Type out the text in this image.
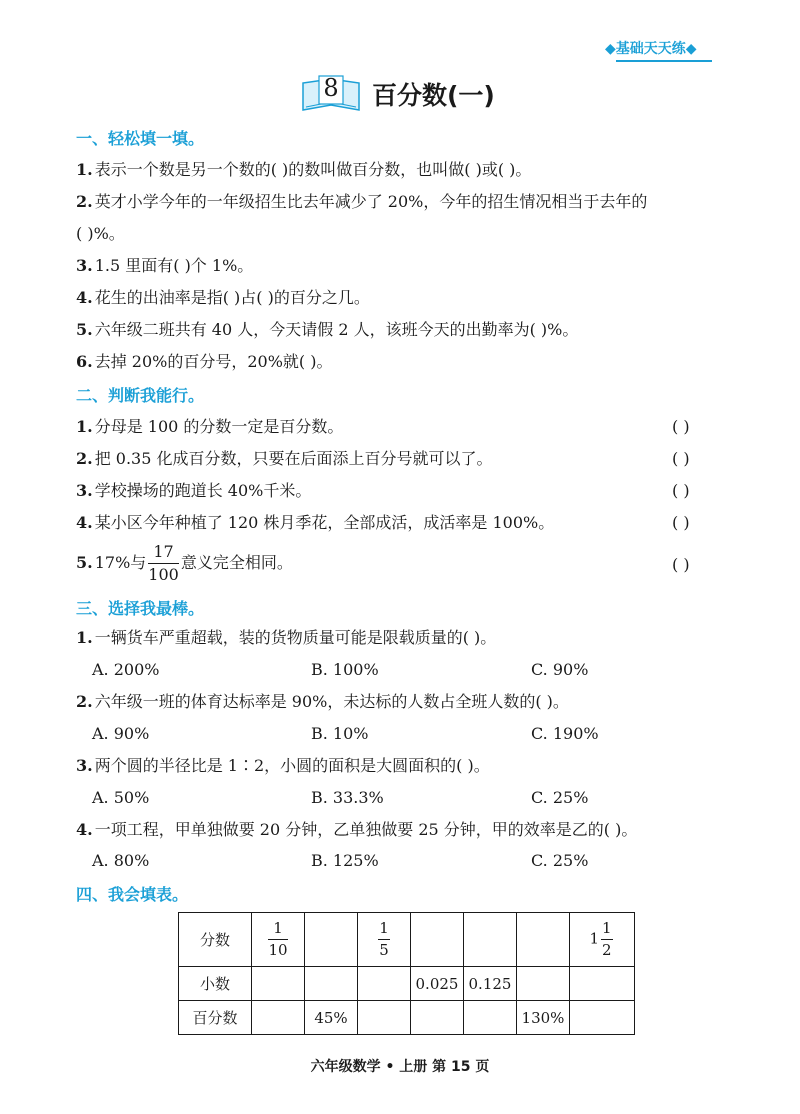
◆基础天天练◆
8 百分数(一)
一、轻松填一填。
1. 表示一个数是另一个数的( )的数叫做百分数，也叫做( )或( )。
2. 英才小学今年的一年级招生比去年减少了 20%，今年的招生情况相当于去年的
( )%。
3. 1.5 里面有( )个 1%。
4. 花生的出油率是指( )占( )的百分之几。
5. 六年级二班共有 40 人，今天请假 2 人，该班今天的出勤率为( )%。
6. 去掉 20%的百分号，20%就( )。
二、判断我能行。
1. 分母是 100 的分数一定是百分数。	( )
2. 把 0.35 化成百分数，只要在后面添上百分号就可以了。	( )
3. 学校操场的跑道长 40%千米。	( )
4. 某小区今年种植了 120 株月季花，全部成活，成活率是 100%。	( )
5. 17%与 $\frac{17}{100}$ 意义完全相同。	( )
三、选择我最棒。
1. 一辆货车严重超载，装的货物质量可能是限载质量的( )。
A. 200%	B. 100%	C. 90%
2. 六年级一班的体育达标率是 90%，未达标的人数占全班人数的( )。
A. 90%	B. 10%	C. 190%
3. 两个圆的半径比是 1∶2，小圆的面积是大圆面积的( )。
A. 50%	B. 33.3%	C. 25%
4. 一项工程，甲单独做要 20 分钟，乙单独做要 25 分钟，甲的效率是乙的( )。
A. 80%	B. 125%	C. 25%
四、我会填表。
分数	$\frac{1}{10}$		$\frac{1}{5}$				$1 \frac{1}{2}$

小数				0.025	0.125		
百分数		45%				130%	
六年级数学 • 上册 第 15 页
